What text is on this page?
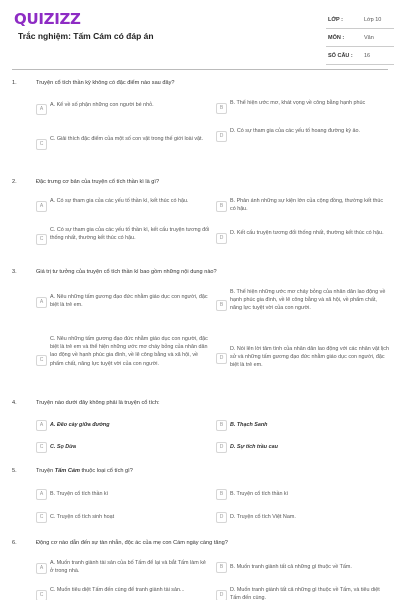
QUIZIZZ
Trắc nghiệm: Tấm Cám có đáp án
LỚP :	Lớp 10
MÔN :	Văn
SỐ CÂU : 16
1.	Truyện cổ tích thần kỳ không có đặc điểm nào sau đây?
A
A. Kể về số phận những con người bé nhỏ.	B
B. Thể hiện ước mơ, khát vọng về công bằng hạnh phúc
C
C. Giải thích đặc điểm của một số con vật trong thế giới loài vật.	D
D. Có sự tham gia của các yếu tố hoang đường kỳ ảo.
2.	Đặc trưng cơ bản của truyện cổ tích thần kì là gì?
A
A. Có sự tham gia của các yếu tố thần kì, kết thúc có hậu.
B
B. Phản ánh những sự kiện lớn của cộng đồng, thường kết thúc có hậu.
C
C. Có sự tham gia của các yếu tố thần kì, kết cấu truyện tương đối thống nhất, thường kết thúc có hậu.	D
D. Kết cấu truyện tương đối thống nhất, thường kết thúc có hậu.
3.	Giá trị tư tưởng của truyện cổ tích thần kì bao gồm những nội dung nào?
A
A. Nêu những tấm gương đạo đức nhằm giáo dục con người, đặc biệt là trẻ em.	B
B. Thể hiện những ước mơ cháy bỏng của nhân dân lao động về hạnh phúc gia đình, về lẽ công bằng và xã hội, về phẩm chất, năng lực tuyệt vời của con người.
C
C. Nêu những tấm gương đạo đức nhằm giáo dục con người, đặc biệt là trẻ em và thể hiện những ước mơ cháy bỏng của nhân dân lao động về hạnh phúc gia đình, về lẽ công bằng và xã hội, về phẩm chất, năng lực tuyệt vời của con người.
D
D. Nói lên lời tâm tình của nhân dân lao động với các nhân vật lịch sử và những tấm gương đạo đức nhằm giáo dục con người, đặc biệt là trẻ em.
4.	Truyện nào dưới đây không phải là truyện cổ tích:
A	A. Đẽo cày giữa đường	B	B. Thạch Sanh
C	C. Sọ Dừa	D	D. Sự tích trầu cau
5.	Truyện Tấm Cám thuộc loại cổ tích gì?
A	B. Truyện cổ tích thần kì	B	B. Truyện cổ tích thần kì
C	C. Truyện cổ tích sinh hoạt	D	D. Truyện cổ tích Việt Nam.
6.	Động cơ nào dẫn đến sự tàn nhẫn, độc ác của mẹ con Cám ngày càng tăng?
A
A. Muốn tranh giành tài sản của bố Tấm để lại và bắt Tấm làm kẻ ở trong nhà.
B	B. Muốn tranh giành tất cả những gì thuộc về Tấm.
C
C. Muốn tiêu diệt Tấm đến cùng để tranh giành tài sản...
D
D. Muốn tranh giành tất cả những gì thuộc về Tấm, và tiêu diệt Tấm đến cùng.
